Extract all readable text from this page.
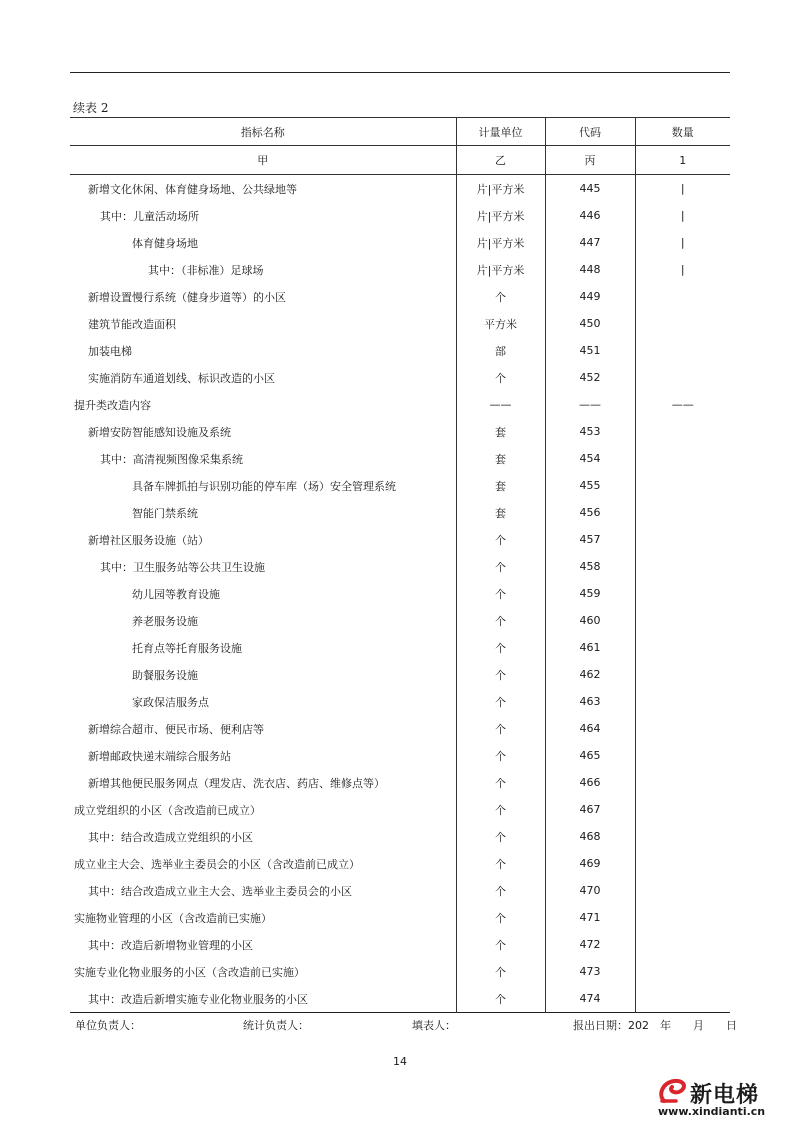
续表 2
指标名称	计量单位	代码	数量
甲	乙	丙	1
新增文化休闲、体育健身场地、公共绿地等	片|平方米	445	|
其中：儿童活动场所	片|平方米	446	|
体育健身场地	片|平方米	447	|
其中：（非标准）足球场	片|平方米	448	|
新增设置慢行系统（健身步道等）的小区	个	449	
建筑节能改造面积	平方米	450	
加装电梯	部	451	
实施消防车通道划线、标识改造的小区	个	452	
提升类改造内容	——	——	——
新增安防智能感知设施及系统	套	453	
其中：高清视频图像采集系统	套	454	
具备车牌抓拍与识别功能的停车库（场）安全管理系统	套	455	
智能门禁系统	套	456	
新增社区服务设施（站）	个	457	
其中：卫生服务站等公共卫生设施	个	458	
幼儿园等教育设施	个	459	
养老服务设施	个	460	
托育点等托育服务设施	个	461	
助餐服务设施	个	462	
家政保洁服务点	个	463	
新增综合超市、便民市场、便利店等	个	464	
新增邮政快递末端综合服务站	个	465	
新增其他便民服务网点（理发店、洗衣店、药店、维修点等）	个	466	
成立党组织的小区（含改造前已成立）	个	467	
其中：结合改造成立党组织的小区	个	468	
成立业主大会、选举业主委员会的小区（含改造前已成立）	个	469	
其中：结合改造成立业主大会、选举业主委员会的小区	个	470	
实施物业管理的小区（含改造前已实施）	个	471	
其中：改造后新增物业管理的小区	个	472	
实施专业化物业服务的小区（含改造前已实施）	个	473	
其中：改造后新增实施专业化物业服务的小区	个	474	
单位负责人：	统计负责人：	填表人：	报出日期：202　年　　月　　日
14
新电梯
www.xindianti.cn
